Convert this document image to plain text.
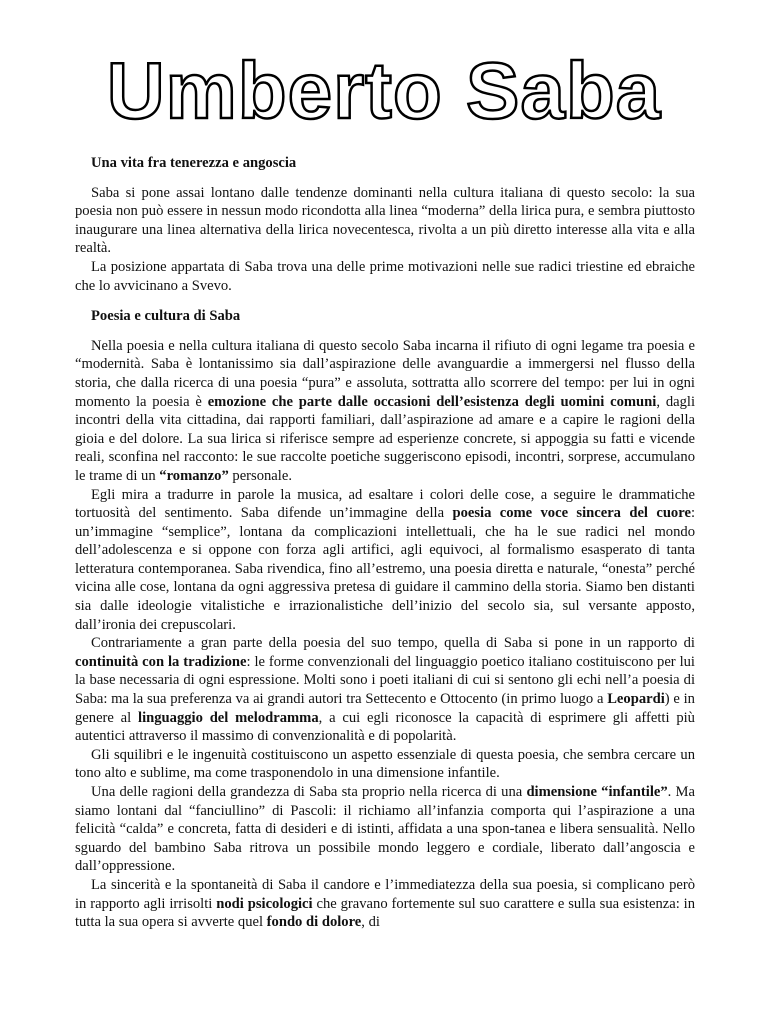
Umberto Saba
Una vita fra tenerezza e angoscia

Saba si pone assai lontano dalle tendenze dominanti nella cultura italiana di questo secolo: la sua poesia non può essere in nessun modo ricondotta alla linea “moderna” della lirica pura, e sembra piuttosto inaugurare una linea alternativa della lirica novecentesca, rivolta a un più diretto interesse alla vita e alla realtà.

La posizione appartata di Saba trova una delle prime motivazioni nelle sue radici triestine ed ebraiche che lo avvicinano a Svevo.

Poesia e cultura di Saba

Nella poesia e nella cultura italiana di questo secolo Saba incarna il rifiuto di ogni legame tra poesia e “modernità. Saba è lontanissimo sia dall’aspirazione delle avanguardie a immergersi nel flusso della storia, che dalla ricerca di una poesia “pura” e assoluta, sottratta allo scorrere del tempo: per lui in ogni momento la poesia è emozione che parte dalle occasioni dell’esistenza degli uomini comuni, dagli incontri della vita cittadina, dai rapporti familiari, dall’aspirazione ad amare e a capire le ragioni della gioia e del dolore. La sua lirica si riferisce sempre ad esperienze concrete, si appoggia su fatti e vicende reali, sconfina nel racconto: le sue raccolte poetiche suggeriscono episodi, incontri, sorprese, accumulano le trame di un “romanzo” personale.

Egli mira a tradurre in parole la musica, ad esaltare i colori delle cose, a seguire le drammatiche tortuosità del sentimento. Saba difende un’immagine della poesia come voce sincera del cuore: un’immagine “semplice”, lontana da complicazioni intellettuali, che ha le sue radici nel mondo dell’adolescenza e si oppone con forza agli artifici, agli equivoci, al formalismo esasperato di tanta letteratura contemporanea. Saba rivendica, fino all’estremo, una poesia diretta e naturale, “onesta” perché vicina alle cose, lontana da ogni aggressiva pretesa di guidare il cammino della storia. Siamo ben distanti sia dalle ideologie vitalistiche e irrazionalistiche dell’inizio del secolo sia, sul versante apposto, dall’ironia dei crepuscolari.

Contrariamente a gran parte della poesia del suo tempo, quella di Saba si pone in un rapporto di continuità con la tradizione: le forme convenzionali del linguaggio poetico italiano costituiscono per lui la base necessaria di ogni espressione. Molti sono i poeti italiani di cui si sentono gli echi nell’a poesia di Saba: ma la sua preferenza va ai grandi autori tra Settecento e Ottocento (in primo luogo a Leopardi) e in genere al linguaggio del melodramma, a cui egli riconosce la capacità di esprimere gli affetti più autentici attraverso il massimo di convenzionalità e di popolarità.

Gli squilibri e le ingenuità costituiscono un aspetto essenziale di questa poesia, che sembra cercare un tono alto e sublime, ma come trasponendolo in una dimensione infantile.

Una delle ragioni della grandezza di Saba sta proprio nella ricerca di una dimensione “infantile”. Ma siamo lontani dal “fanciullino” di Pascoli: il richiamo all’infanzia comporta qui l’aspirazione a una felicità “calda” e concreta, fatta di desideri e di istinti, affidata a una spon-tanea e libera sensualità. Nello sguardo del bambino Saba ritrova un possibile mondo leggero e cordiale, liberato dall’angoscia e dall’oppressione.

La sincerità e la spontaneità di Saba il candore e l’immediatezza della sua poesia, si complicano però in rapporto agli irrisolti nodi psicologici che gravano fortemente sul suo carattere e sulla sua esistenza: in tutta la sua opera si avverte quel fondo di dolore, di
